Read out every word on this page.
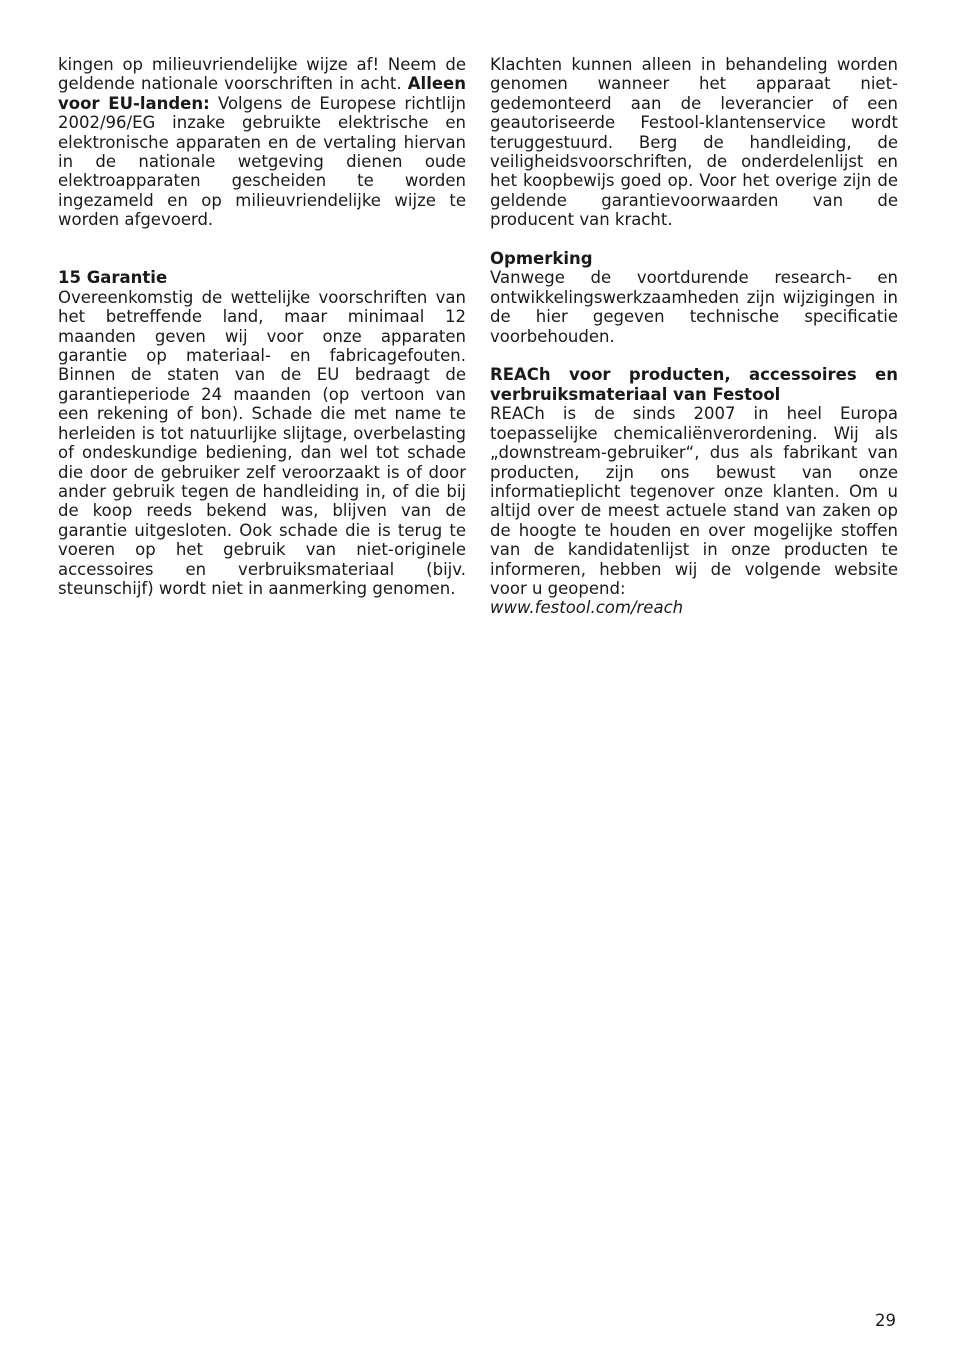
kingen op milieuvriendelijke wijze af! Neem de geldende nationale voorschriften in acht. Alleen voor EU-landen: Volgens de Europese richtlijn 2002/96/EG inzake gebruikte elektrische en elektronische apparaten en de vertaling hiervan in de nationale wetgeving dienen oude elektroapparaten gescheiden te worden ingezameld en op milieuvriendelijke wijze te worden afgevoerd.

15 Garantie

Overeenkomstig de wettelijke voorschriften van het betreffende land, maar minimaal 12 maanden geven wij voor onze apparaten garantie op materiaal- en fabricagefouten. Binnen de staten van de EU bedraagt de garantieperiode 24 maanden (op vertoon van een rekening of bon). Schade die met name te herleiden is tot natuurlijke slijtage, overbelasting of ondeskundige bediening, dan wel tot schade die door de gebruiker zelf veroorzaakt is of door ander gebruik tegen de handleiding in, of die bij de koop reeds bekend was, blijven van de garantie uitgesloten. Ook schade die is terug te voeren op het gebruik van niet-originele accessoires en verbruiksmateriaal (bijv. steunschijf) wordt niet in aanmerking genomen.

Klachten kunnen alleen in behandeling worden genomen wanneer het apparaat niet-gedemonteerd aan de leverancier of een geautoriseerde Festool-klantenservice wordt teruggestuurd. Berg de handleiding, de veiligheidsvoorschriften, de onderdelenlijst en het koopbewijs goed op. Voor het overige zijn de geldende garantievoorwaarden van de producent van kracht.

Opmerking

Vanwege de voortdurende research- en ontwikkelingswerkzaamheden zijn wijzigingen in de hier gegeven technische specificatie voorbehouden.

REACh voor producten, accessoires en verbruiksmateriaal van Festool

REACh is de sinds 2007 in heel Europa toepasselijke chemicaliënverordening. Wij als „downstream-gebruiker“, dus als fabrikant van producten, zijn ons bewust van onze informatieplicht tegenover onze klanten. Om u altijd over de meest actuele stand van zaken op de hoogte te houden en over mogelijke stoffen van de kandidatenlijst in onze producten te informeren, hebben wij de volgende website voor u geopend:

www.festool.com/reach

29
